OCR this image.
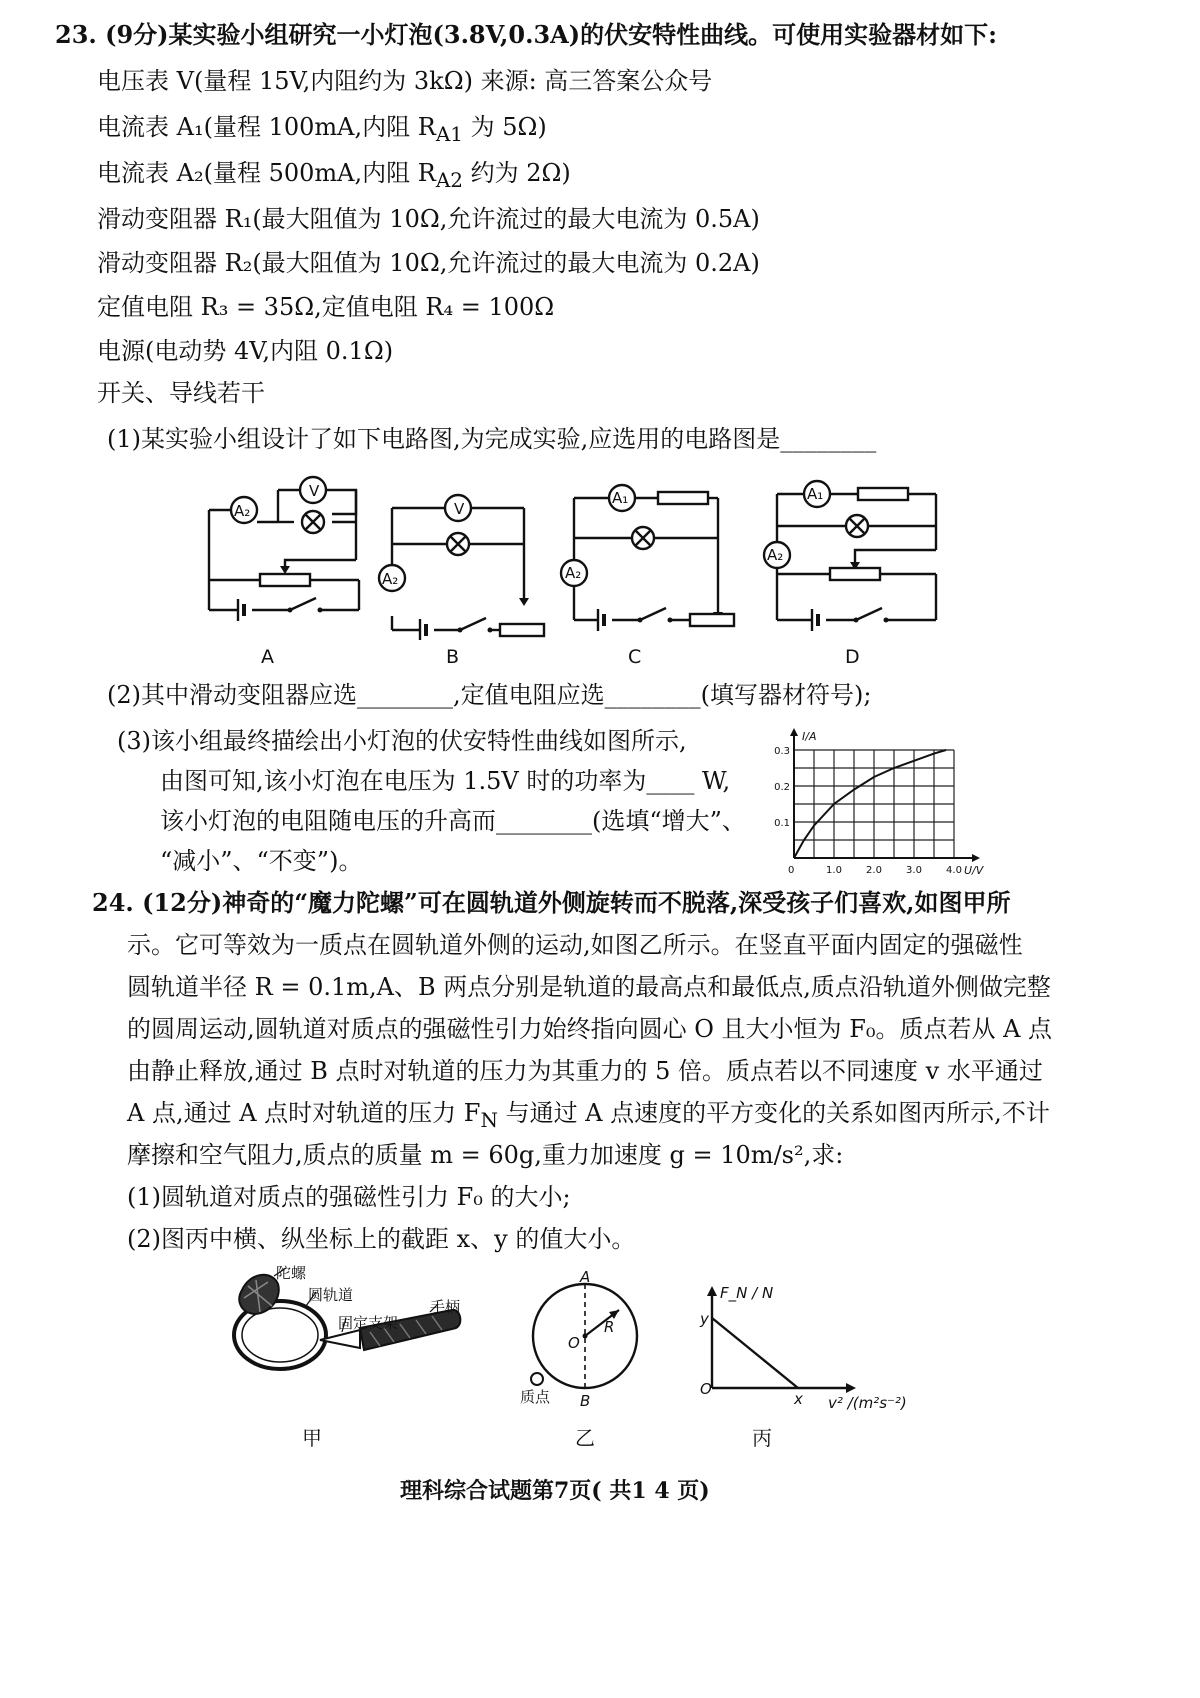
23. (9分)某实验小组研究一小灯泡(3.8V,0.3A)的伏安特性曲线。可使用实验器材如下:
电压表 V(量程 15V,内阻约为 3kΩ) 来源: 高三答案公众号
电流表 A₁(量程 100mA,内阻 $R_{A1}$ 为 5Ω)
电流表 A₂(量程 500mA,内阻 $R_{A2}$ 约为 2Ω)
滑动变阻器 R₁(最大阻值为 10Ω,允许流过的最大电流为 0.5A)
滑动变阻器 R₂(最大阻值为 10Ω,允许流过的最大电流为 0.2A)
定值电阻 R₃ = 35Ω,定值电阻 R₄ = 100Ω
电源(电动势 4V,内阻 0.1Ω)
开关、导线若干
(1)某实验小组设计了如下电路图,为完成实验,应选用的电路图是________
V
A₂	V
A₂
A₁
A₂
A₁
A₂
A	B	C	D
(2)其中滑动变阻器应选________,定值电阻应选________(填写器材符号);
(3)该小组最终描绘出小灯泡的伏安特性曲线如图所示,
由图可知,该小灯泡在电压为 1.5V 时的功率为____ W,
该小灯泡的电阻随电压的升高而________(选填“增大”、
“减小”、“不变”)。	1.0 2.0 3.0 4.0
0.1
0.2
0.3
0	U/V
I/A
24. (12分)神奇的“魔力陀螺”可在圆轨道外侧旋转而不脱落,深受孩子们喜欢,如图甲所
示。它可等效为一质点在圆轨道外侧的运动,如图乙所示。在竖直平面内固定的强磁性
圆轨道半径 R = 0.1m,A、B 两点分别是轨道的最高点和最低点,质点沿轨道外侧做完整
的圆周运动,圆轨道对质点的强磁性引力始终指向圆心 O 且大小恒为 F₀。质点若从 A 点
由静止释放,通过 B 点时对轨道的压力为其重力的 5 倍。质点若以不同速度 v 水平通过
A 点,通过 A 点时对轨道的压力 $F_N$ 与通过 A 点速度的平方变化的关系如图丙所示,不计
摩擦和空气阻力,质点的质量 m = 60g,重力加速度 g = 10m/s²,求:
(1)圆轨道对质点的强磁性引力 F₀ 的大小;
(2)图丙中横、纵坐标上的截距 x、y 的值大小。
陀螺
圆轨道
固定支架
手柄
甲
A
B
O
R
质点
乙
F_N / N
v² /(m²s⁻²)
O
x
y
丙
理科综合试题第7页( 共1 4 页)
